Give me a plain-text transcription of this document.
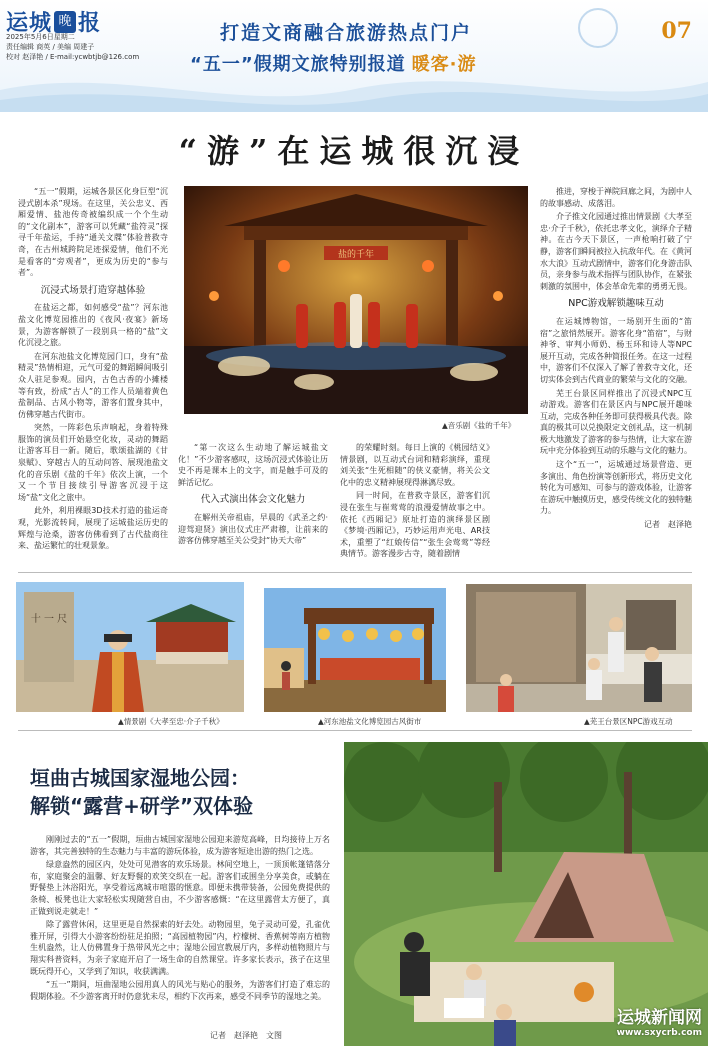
运城 晚 报
2025年5月6日星期二
责任编辑 商英 / 美编 周建子
校对 赵泽艳 / E-mail:ycwbtjb@126.com
打造文商融合旅游热点门户
“五一”假期文旅特别报道 暖客·游
07
“游”在运城很沉浸

“五一”假期，运城各景区化身巨型“沉浸式剧本杀”现场。在这里，关公忠义、西厢爱情、盐池传奇被编织成一个个生动的“文化副本”，游客可以凭藏“盐符灵”探寻千年盐运，手持“通关文牒”体验普救寺奇，在古州城跨院足迹探爱情，他们不光是看客的“旁观者”，更成为历史的“参与者”。

沉浸式场景打造穿越体验

在盐运之都，如何感受“盐”？河东池盐文化博览园推出的《夜风·夜宴》新场景，为游客解锁了一段别具一格的“盐”文化沉浸之旅。

在河东池盐文化博览园门口，身有“盐精灵”热情相迎，元气可爱的舞蹈瞬间吸引众人驻足参观。园内，古色古香的小摊楼等有致，扮成“古人”的工作人员端着黄色盐制品、古风小物等，游客们置身其中，仿佛穿越古代街市。

突然，一阵彩色乐声响起，身着特殊服饰的演员们开始悬空化妆，灵动的舞蹈让游客耳目一新。随后，歌颂盐湖的《甘泉赋》、穿越古人的互动问答、展现池盐文化的音乐剧《盐的千年》依次上演，一个又一个节目接续引导游客沉浸于这场“盐”文化之旅中。

此外，利用裸眼3D技术打造的盐运奇观，光影流转间，展现了运城盐运历史的辉煌与沧桑，游客仿佛看到了古代盐商往来、盐运繁忙的壮观景象。

“第一次这么生动地了解运城盐文化！”不少游客感叹，这场沉浸式体验让历史不再是课本上的文字，而是触手可及的鲜活记忆。

代入式演出体会文化魅力

在解州关帝祖庙，早晨的《武圣之约·迎驾迎贤》演出仪式庄严肃穆，让前来的游客仿佛穿越至关公受封“协天大帝”

的荣耀时刻。每日上演的《桃园结义》情景剧，以互动式台词和精彩演绎，重现刘关张“生死相随”的侠义豪情，将关公文化中的忠义精神展现得淋漓尽致。

同一时间，在普救寺景区，游客们沉浸在张生与崔莺莺的浪漫爱情故事之中。依托《西厢记》原址打造的演绎景区剧《梦境·西厢记》，巧妙运用声光电、AR技术，重塑了“红娘传信”“张生会莺莺”等经典情节。游客漫步古寺，随着剧情

推进，穿梭于禅院回廊之间，为剧中人的故事感动、成落泪。

介子推文化园通过推出情景剧《大孝至忠·介子千秋》，依托忠孝文化，演绎介子精神。在古今天下景区，一声枪响打破了宁静，游客们瞬间被拉入抗敌年代。在《黄河水大浪》互动式剧情中，游客们化身游击队员，亲身参与战术指挥与团队协作，在紧张刺激的氛围中，体会革命先辈的勇勇无畏。

NPC游戏解锁趣味互动

在运城博物馆，一场别开生面的“笛宿”之旅悄然展开。游客化身“笛宿”，与财神爷、审判小师奶、杨玉环和诗人等NPC展开互动，完成各种简报任务。在这一过程中，游客们不仅深入了解了普救寺文化，还切实体会到古代商业的繁荣与文化的交融。

芜王台景区同样推出了沉浸式NPC互动游戏。游客们在景区内与NPC展开趣味互动，完成各种任务即可获得极具代表。除真的极其可以兑换限定文创礼品，这一机制极大地激发了游客的参与热情，让大家在游玩中充分体验到互动的乐趣与文化的魅力。

这个“五一”，运城通过场景营造、更多演出、角色扮演等创新形式，将历史文化转化为可感知、可参与的游戏体验，让游客在游玩中触摸历史，感受传统文化的独特魅力。

记者　赵泽艳

盐的千年
▲音乐剧《盐的千年》
十 一 尺
▲情景剧《大孝至忠·介子千秋》	▲河东池盐文化博览园古风街市	▲芜王台景区NPC游戏互动
垣曲古城国家湿地公园：
解锁“露营+研学”双体验

刚刚过去的“五一”假期，垣曲古城国家湿地公园迎来游览高峰，日均接待上万名游客，其完善独特的生态魅力与丰富的游玩体验，成为游客短途出游的热门之选。

绿意盎然的园区内，处处可见潜客的欢乐场景。林间空地上，一顶顶帐篷错落分布，家庭聚会的温馨、好友野餐的欢笑交织在一起。游客们或围坐分享美食，或躺在野餐垫上沐浴阳光，享受着远离城市喧嚣的惬意。即便未携带装备，公园免费提供的条椅、板凳也让大家轻松实现随营自由，不少游客感慨：“在这里露营太方便了，真正做到说走就走！”

除了露营休闲，这里更是自然探索的好去处。动物园里，兔子灵动可爱，孔雀优雅开屏，引得大小游客纷纷驻足拍照；“高园植物园”内，柠檬树、香蕉树等南方植物生机盎然，让人仿佛置身于热带风光之中；湿地公园宣教展厅内，多样动植物照片与翔实科普资料，为亲子家庭开启了一场生命的自然课堂。许多家长表示，孩子在这里既玩得开心，又学到了知识，收获满满。

“五一”期间，垣曲湿地公园用真人的风光与贴心的服务，为游客们打造了难忘的假期体验。不少游客离开时仍意犹未尽，相约下次再来，感受不同季节的湿地之美。

记者　赵泽艳　文图
运城新闻网
www.sxycrb.com
